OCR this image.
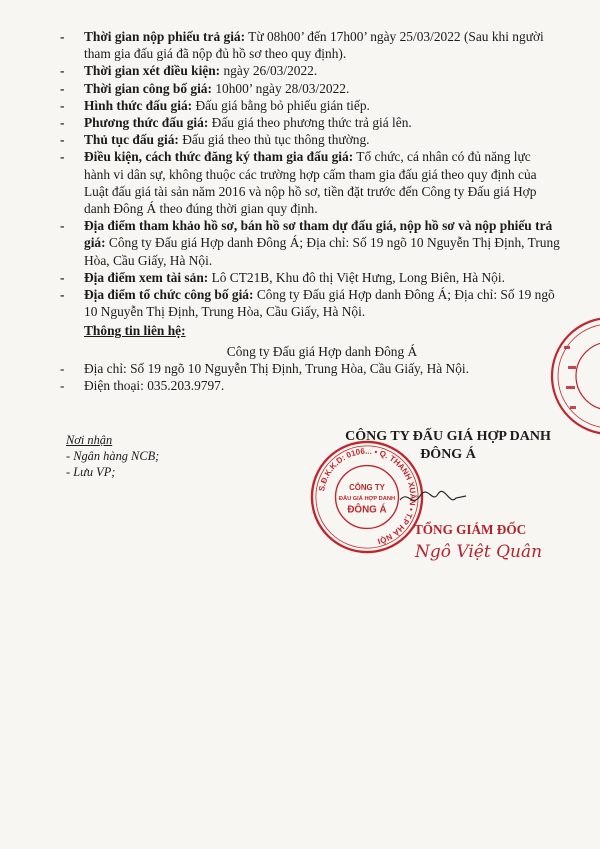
- Thời gian nộp phiếu trả giá: Từ 08h00’ đến 17h00’ ngày 25/03/2022 (Sau khi người tham gia đấu giá đã nộp đủ hồ sơ theo quy định).

- Thời gian xét điều kiện: ngày 26/03/2022.

- Thời gian công bố giá: 10h00’ ngày 28/03/2022.

- Hình thức đấu giá: Đấu giá bằng bỏ phiếu gián tiếp.

- Phương thức đấu giá: Đấu giá theo phương thức trả giá lên.

- Thủ tục đấu giá: Đấu giá theo thủ tục thông thường.

- Điều kiện, cách thức đăng ký tham gia đấu giá: Tổ chức, cá nhân có đủ năng lực hành vi dân sự, không thuộc các trường hợp cấm tham gia đấu giá theo quy định của Luật đấu giá tài sản năm 2016 và nộp hồ sơ, tiền đặt trước đến Công ty Đấu giá Hợp danh Đông Á theo đúng thời gian quy định.

- Địa điểm tham khảo hồ sơ, bán hồ sơ tham dự đấu giá, nộp hồ sơ và nộp phiếu trả giá: Công ty Đấu giá Hợp danh Đông Á; Địa chỉ: Số 19 ngõ 10 Nguyễn Thị Định, Trung Hòa, Cầu Giấy, Hà Nội.

- Địa điểm xem tài sản: Lô CT21B, Khu đô thị Việt Hưng, Long Biên, Hà Nội.

- Địa điểm tổ chức công bố giá: Công ty Đấu giá Hợp danh Đông Á; Địa chỉ: Số 19 ngõ 10 Nguyễn Thị Định, Trung Hòa, Cầu Giấy, Hà Nội.

Thông tin liên hệ:
Công ty Đấu giá Hợp danh Đông Á
- Địa chỉ: Số 19 ngõ 10 Nguyễn Thị Định, Trung Hòa, Cầu Giấy, Hà Nội.
- Điện thoại: 035.203.9797.
Nơi nhận
- Ngân hàng NCB;
- Lưu VP;
S.Đ.K.K.D: 0106... • Q. THANH XUÂN • T.P HÀ NỘI
CÔNG TY
ĐẤU GIÁ HỢP DANH
ĐÔNG Á
CÔNG TY ĐẤU GIÁ HỢP DANH
ĐÔNG Á
TỔNG GIÁM ĐỐC
Ngô Việt Quân
